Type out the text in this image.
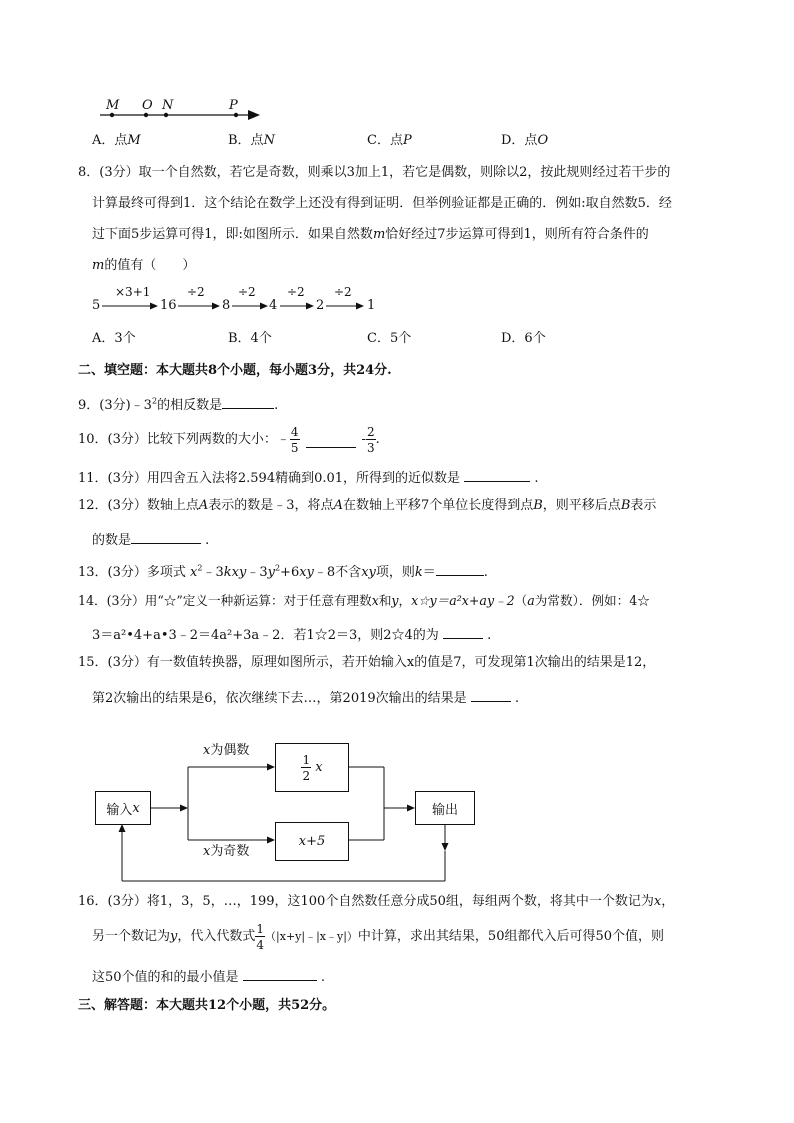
M O N	P
A．点M	B．点N	C．点P	D．点O
8．(3分）取一个自然数，若它是奇数，则乘以3加上1，若它是偶数，则除以2，按此规则经过若干步的
计算最终可得到1．这个结论在数学上还没有得到证明．但举例验证都是正确的．例如:取自然数5．经
过下面5步运算可得1，即:如图所示．如果自然数m恰好经过7步运算可得到1，则所有符合条件的
m的值有（　　）
5
×3+1
16
÷2
8
÷2
4
÷2
2
÷2
1
A．3个	B．4个	C．5个	D．6个
二、填空题：本大题共8个小题，每小题3分，共24分.
9．(3分)$﹣3^2$的相反数是	.
10．(3分）比较下列两数的大小：﹣ $\frac{4}{5}$	- $\frac{2}{3}$ .
11．(3分）用四舍五入法将2.594精确到0.01，所得到的近似数是	.
12．(3分）数轴上点A表示的数是﹣3，将点A在数轴上平移7个单位长度得到点B，则平移后点B表示
的数是	.
13．(3分）多项式 $x^2﹣3kxy﹣3y^2+6xy﹣8$不含xy项，则k＝	.
14．(3分）用“☆”定义一种新运算：对于任意有理数x和y，x☆y＝a²x+ay﹣2（a为常数）．例如：4☆
3＝a²•4+a•3﹣2＝4a²+3a﹣2．若1☆2＝3，则2☆4的为	.
15．(3分）有一数值转换器，原理如图所示，若开始输入x的值是7，可发现第1次输出的结果是12，
第2次输出的结果是6，依次继续下去…，第2019次输出的结果是	.
输入 x
$\frac{1}{2}$
x
x+5
输出
x为偶数
x为奇数
16．(3分）将1，3，5，…，199，这100个自然数任意分成50组，每组两个数，将其中一个数记为x，
另一个数记为 y ，代入代数式 $\frac{1}{4}$ （|x+y|﹣|x﹣y|） 中计算，求出其结果，50组都代入后可得50个值，则
这50个值的和的最小值是	.
三、解答题：本大题共12个小题，共52分。
